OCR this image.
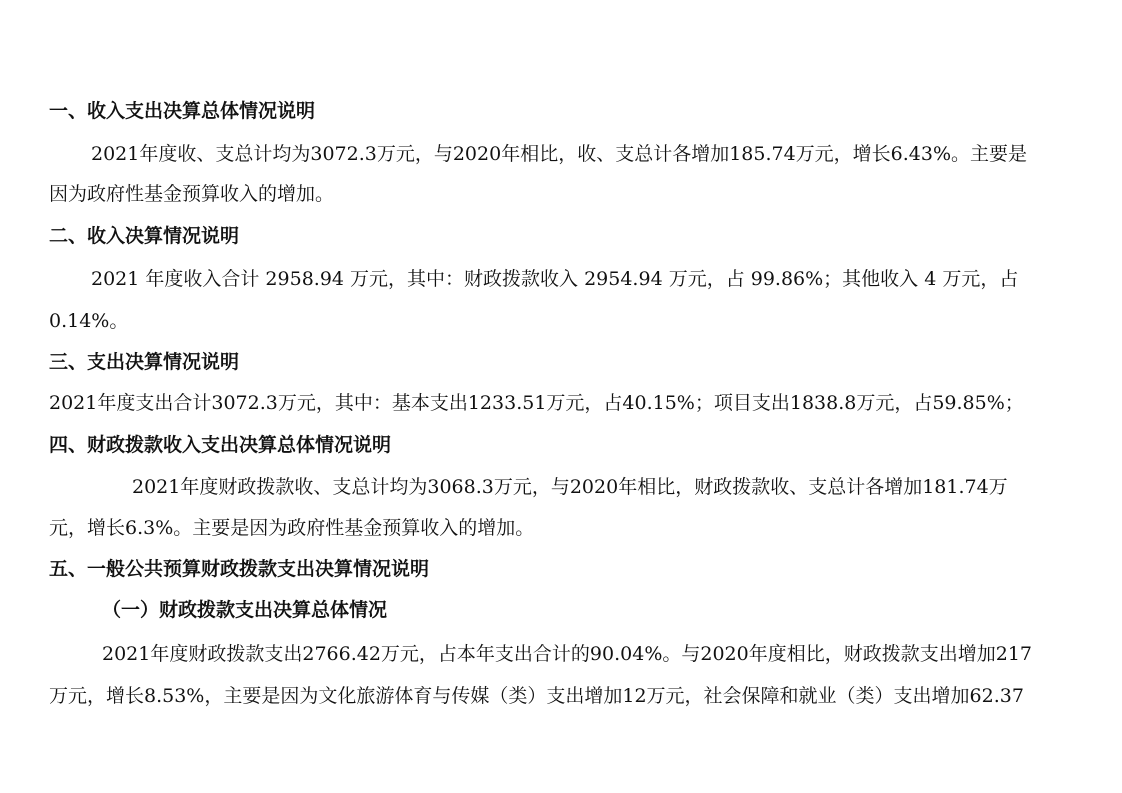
一、收入支出决算总体情况说明
2021年度收、支总计均为3072.3万元，与2020年相比，收、支总计各增加185.74万元，增长6.43%。主要是
因为政府性基金预算收入的增加。
二、收入决算情况说明
2021 年度收入合计 2958.94 万元，其中：财政拨款收入 2954.94 万元，占 99.86%；其他收入 4 万元，占
0.14%。
三、支出决算情况说明
2021年度支出合计3072.3万元，其中：基本支出1233.51万元，占40.15%；项目支出1838.8万元，占59.85%；
四、财政拨款收入支出决算总体情况说明
2021年度财政拨款收、支总计均为3068.3万元，与2020年相比，财政拨款收、支总计各增加181.74万
元，增长6.3%。主要是因为政府性基金预算收入的增加。
五、一般公共预算财政拨款支出决算情况说明
（一）财政拨款支出决算总体情况
2021年度财政拨款支出2766.42万元，占本年支出合计的90.04%。与2020年度相比，财政拨款支出增加217
万元，增长8.53%，主要是因为文化旅游体育与传媒（类）支出增加12万元，社会保障和就业（类）支出增加62.37
